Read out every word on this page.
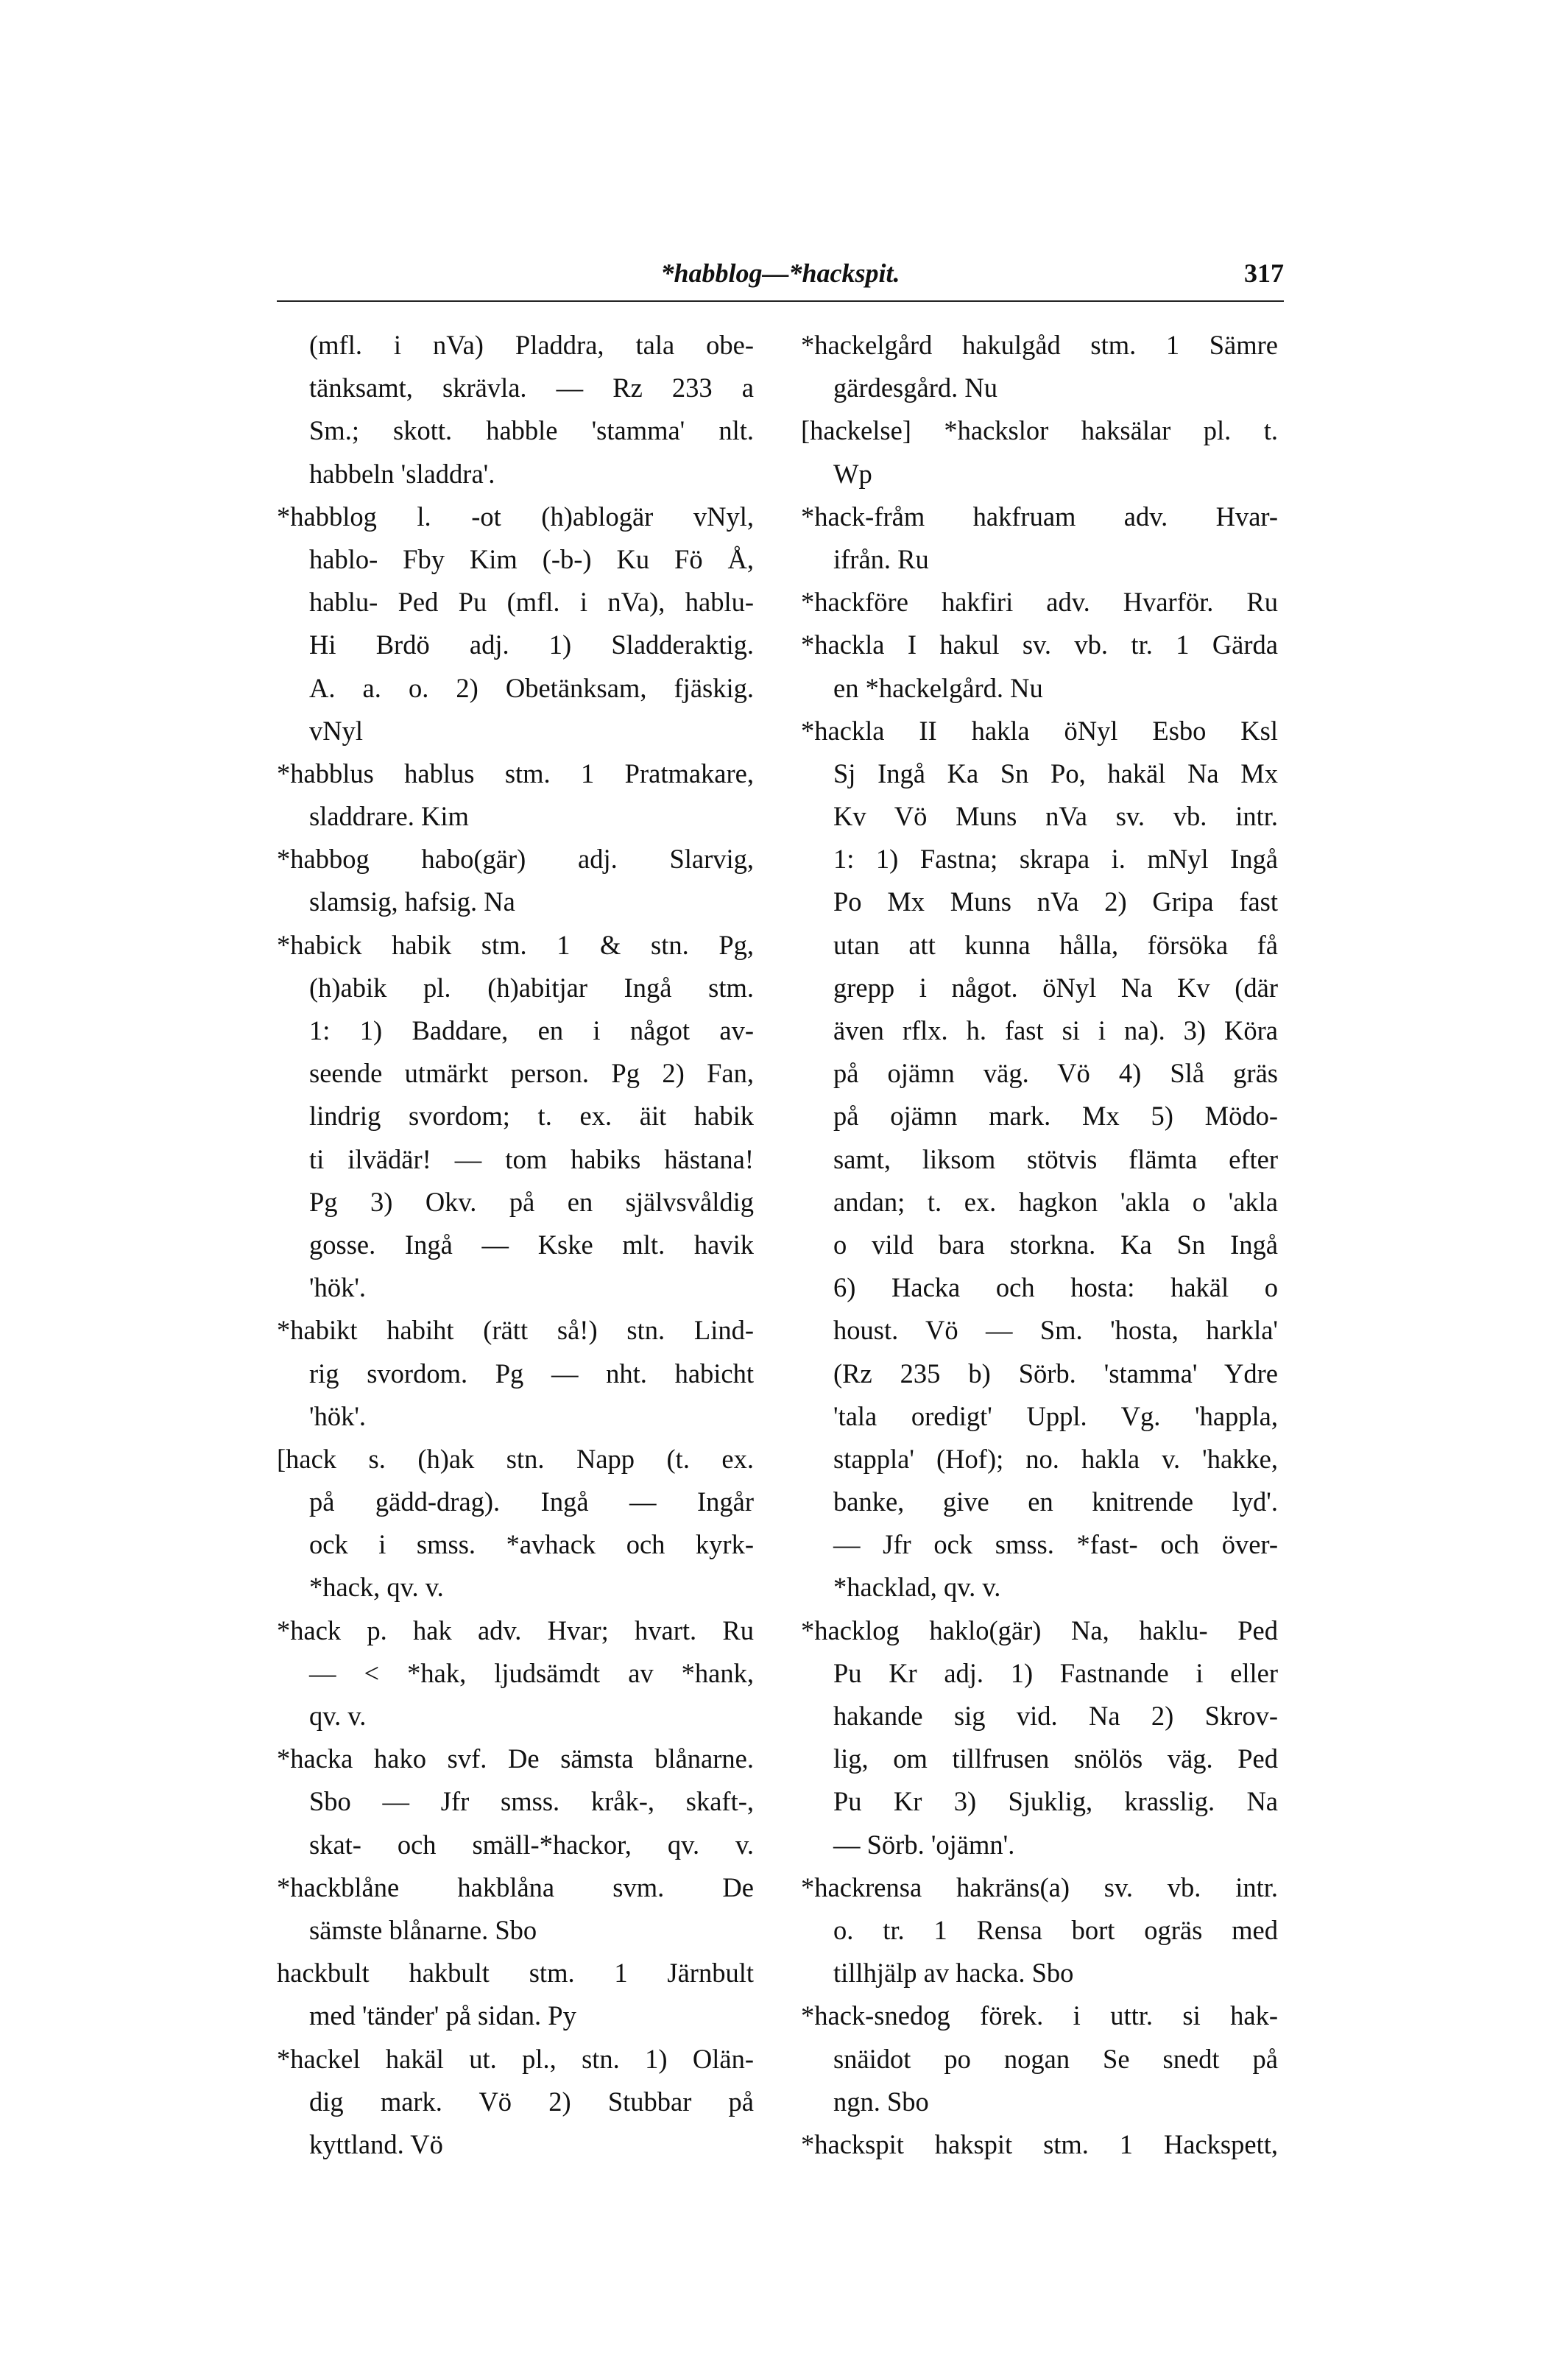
*habblog—*hackspit.	317
(mfl. i nVa) Pladdra, tala obe-
tänksamt, skrävla. — Rz 233 a
Sm.; skott. habble 'stamma' nlt.
habbeln 'sladdra'.
*habblog l. -ot (h)ablogär vNyl,
hablo- Fby Kim (-b-) Ku Fö Å,
hablu- Ped Pu (mfl. i nVa), hablu-
Hi Brdö adj. 1) Sladderaktig.
A. a. o. 2) Obetänksam, fjäskig.
vNyl
*habblus hablus stm. 1 Pratmakare,
sladdrare. Kim
*habbog habo(gär) adj. Slarvig,
slamsig, hafsig. Na
*habick habik stm. 1 & stn. Pg,
(h)abik pl. (h)abitjar Ingå stm.
1: 1) Baddare, en i något av-
seende utmärkt person. Pg 2) Fan,
lindrig svordom; t. ex. äit habik
ti ilvädär! — tom habiks hästana!
Pg 3) Okv. på en självsvåldig
gosse. Ingå — Kske mlt. havik
'hök'.
*habikt habiht (rätt så!) stn. Lind-
rig svordom. Pg — nht. habicht
'hök'.
[hack s. (h)ak stn. Napp (t. ex.
på gädd-drag). Ingå — Ingår
ock i smss. *avhack och kyrk-
*hack, qv. v.
*hack p. hak adv. Hvar; hvart. Ru
— < *hak, ljudsämdt av *hank,
qv. v.
*hacka hako svf. De sämsta blånarne.
Sbo — Jfr smss. kråk-, skaft-,
skat- och smäll-*hackor, qv. v.
*hackblåne hakblåna svm. De
sämste blånarne. Sbo
hackbult hakbult stm. 1 Järnbult
med 'tänder' på sidan. Py
*hackel hakäl ut. pl., stn. 1) Olän-
dig mark. Vö 2) Stubbar på
kyttland. Vö
*hackelgård hakulgåd stm. 1 Sämre
gärdesgård. Nu
[hackelse] *hackslor haksälar pl. t.
Wp
*hack-fråm hakfruam adv. Hvar-
ifrån. Ru
*hackföre hakfiri adv. Hvarför. Ru
*hackla I hakul sv. vb. tr. 1 Gärda
en *hackelgård. Nu
*hackla II hakla öNyl Esbo Ksl
Sj Ingå Ka Sn Po, hakäl Na Mx
Kv Vö Muns nVa sv. vb. intr.
1: 1) Fastna; skrapa i. mNyl Ingå
Po Mx Muns nVa 2) Gripa fast
utan att kunna hålla, försöka få
grepp i något. öNyl Na Kv (där
även rflx. h. fast si i na). 3) Köra
på ojämn väg. Vö 4) Slå gräs
på ojämn mark. Mx 5) Mödo-
samt, liksom stötvis flämta efter
andan; t. ex. hagkon 'akla o 'akla
o vild bara storkna. Ka Sn Ingå
6) Hacka och hosta: hakäl o
houst. Vö — Sm. 'hosta, harkla'
(Rz 235 b) Sörb. 'stamma' Ydre
'tala oredigt' Uppl. Vg. 'happla,
stappla' (Hof); no. hakla v. 'hakke,
banke, give en knitrende lyd'.
— Jfr ock smss. *fast- och över-
*hacklad, qv. v.
*hacklog haklo(gär) Na, haklu- Ped
Pu Kr adj. 1) Fastnande i eller
hakande sig vid. Na 2) Skrov-
lig, om tillfrusen snölös väg. Ped
Pu Kr 3) Sjuklig, krasslig. Na
— Sörb. 'ojämn'.
*hackrensa hakräns(a) sv. vb. intr.
o. tr. 1 Rensa bort ogräs med
tillhjälp av hacka. Sbo
*hack-snedog förek. i uttr. si hak-
snäidot po nogan Se snedt på
ngn. Sbo
*hackspit hakspit stm. 1 Hackspett,
